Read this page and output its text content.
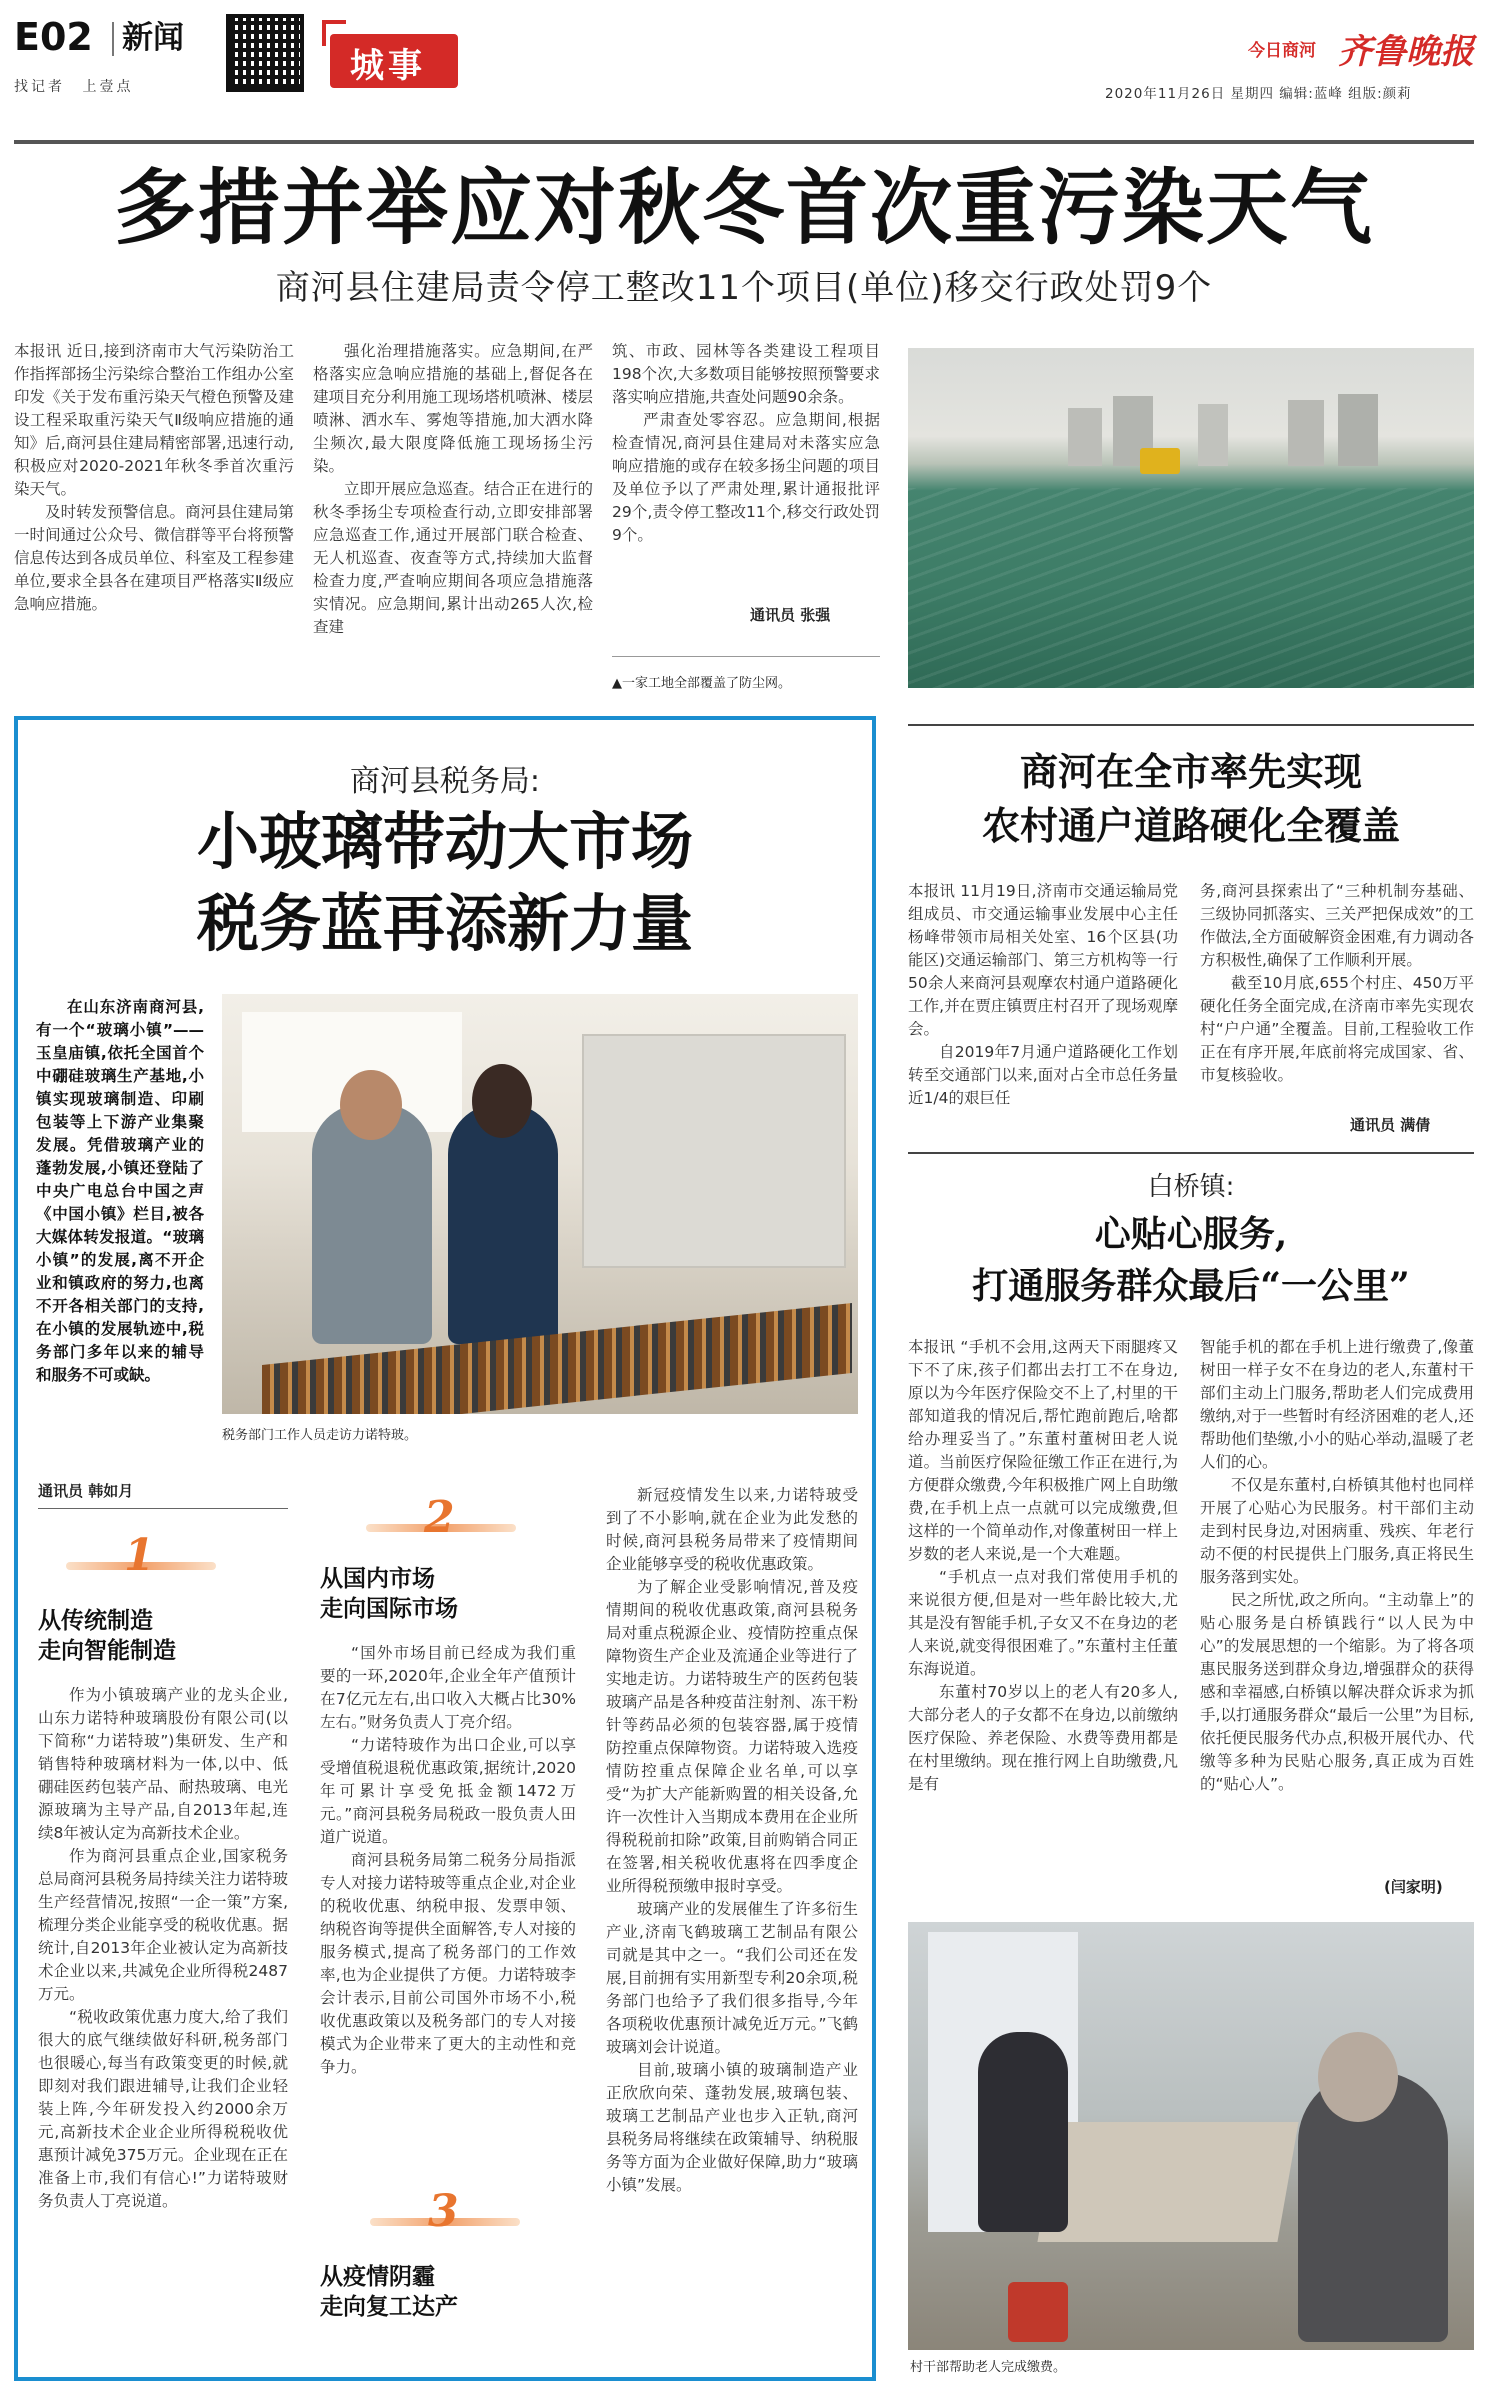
E02 新闻
找记者 上壹点
城事	今日商河 齐鲁晚报
2020年11月26日 星期四 编辑:蓝峰 组版:颜莉
多措并举应对秋冬首次重污染天气
商河县住建局责令停工整改11个项目(单位)移交行政处罚9个

本报讯 近日,接到济南市大气污染防治工作指挥部扬尘污染综合整治工作组办公室印发《关于发布重污染天气橙色预警及建设工程采取重污染天气Ⅱ级响应措施的通知》后,商河县住建局精密部署,迅速行动,积极应对2020-2021年秋冬季首次重污染天气。

及时转发预警信息。商河县住建局第一时间通过公众号、微信群等平台将预警信息传达到各成员单位、科室及工程参建单位,要求全县各在建项目严格落实Ⅱ级应急响应措施。

强化治理措施落实。应急期间,在严格落实应急响应措施的基础上,督促各在建项目充分利用施工现场塔机喷淋、楼层喷淋、洒水车、雾炮等措施,加大洒水降尘频次,最大限度降低施工现场扬尘污染。

立即开展应急巡查。结合正在进行的秋冬季扬尘专项检查行动,立即安排部署应急巡查工作,通过开展部门联合检查、无人机巡查、夜查等方式,持续加大监督检查力度,严查响应期间各项应急措施落实情况。应急期间,累计出动265人次,检查建

筑、市政、园林等各类建设工程项目198个次,大多数项目能够按照预警要求落实响应措施,共查处问题90余条。

严肃查处零容忍。应急期间,根据检查情况,商河县住建局对未落实应急响应措施的或存在较多扬尘问题的项目及单位予以了严肃处理,累计通报批评29个,责令停工整改11个,移交行政处罚9个。

通讯员 张强
▲一家工地全部覆盖了防尘网。
商河县税务局:
小玻璃带动大市场
税务蓝再添新力量

在山东济南商河县,有一个“玻璃小镇”——玉皇庙镇,依托全国首个中硼硅玻璃生产基地,小镇实现玻璃制造、印刷包装等上下游产业集聚发展。凭借玻璃产业的蓬勃发展,小镇还登陆了中央广电总台中国之声《中国小镇》栏目,被各大媒体转发报道。“玻璃小镇”的发展,离不开企业和镇政府的努力,也离不开各相关部门的支持,在小镇的发展轨迹中,税务部门多年以来的辅导和服务不可或缺。

税务部门工作人员走访力诺特玻。
通讯员 韩如月
1
从传统制造
走向智能制造

作为小镇玻璃产业的龙头企业,山东力诺特种玻璃股份有限公司(以下简称“力诺特玻”)集研发、生产和销售特种玻璃材料为一体,以中、低硼硅医药包装产品、耐热玻璃、电光源玻璃为主导产品,自2013年起,连续8年被认定为高新技术企业。

作为商河县重点企业,国家税务总局商河县税务局持续关注力诺特玻生产经营情况,按照“一企一策”方案,梳理分类企业能享受的税收优惠。据统计,自2013年企业被认定为高新技术企业以来,共减免企业所得税2487万元。

“税收政策优惠力度大,给了我们很大的底气继续做好科研,税务部门也很暖心,每当有政策变更的时候,就即刻对我们跟进辅导,让我们企业轻装上阵,今年研发投入约2000余万元,高新技术企业企业所得税税收优惠预计减免375万元。企业现在正在准备上市,我们有信心!”力诺特玻财务负责人丁亮说道。

2
从国内市场
走向国际市场

“国外市场目前已经成为我们重要的一环,2020年,企业全年产值预计在7亿元左右,出口收入大概占比30%左右。”财务负责人丁亮介绍。

“力诺特玻作为出口企业,可以享受增值税退税优惠政策,据统计,2020年可累计享受免抵金额1472万元。”商河县税务局税政一股负责人田道广说道。

商河县税务局第二税务分局指派专人对接力诺特玻等重点企业,对企业的税收优惠、纳税申报、发票申领、纳税咨询等提供全面解答,专人对接的服务模式,提高了税务部门的工作效率,也为企业提供了方便。力诺特玻李会计表示,目前公司国外市场不小,税收优惠政策以及税务部门的专人对接模式为企业带来了更大的主动性和竞争力。

3
从疫情阴霾
走向复工达产

新冠疫情发生以来,力诺特玻受到了不小影响,就在企业为此发愁的时候,商河县税务局带来了疫情期间企业能够享受的税收优惠政策。

为了解企业受影响情况,普及疫情期间的税收优惠政策,商河县税务局对重点税源企业、疫情防控重点保障物资生产企业及流通企业等进行了实地走访。力诺特玻生产的医药包装玻璃产品是各种疫苗注射剂、冻干粉针等药品必须的包装容器,属于疫情防控重点保障物资。力诺特玻入选疫情防控重点保障企业名单,可以享受“为扩大产能新购置的相关设备,允许一次性计入当期成本费用在企业所得税税前扣除”政策,目前购销合同正在签署,相关税收优惠将在四季度企业所得税预缴申报时享受。

玻璃产业的发展催生了许多衍生产业,济南飞鹤玻璃工艺制品有限公司就是其中之一。“我们公司还在发展,目前拥有实用新型专利20余项,税务部门也给予了我们很多指导,今年各项税收优惠预计减免近万元。”飞鹤玻璃刘会计说道。

目前,玻璃小镇的玻璃制造产业正欣欣向荣、蓬勃发展,玻璃包装、玻璃工艺制品产业也步入正轨,商河县税务局将继续在政策辅导、纳税服务等方面为企业做好保障,助力“玻璃小镇”发展。

商河在全市率先实现
农村通户道路硬化全覆盖

本报讯 11月19日,济南市交通运输局党组成员、市交通运输事业发展中心主任杨峰带领市局相关处室、16个区县(功能区)交通运输部门、第三方机构等一行50余人来商河县观摩农村通户道路硬化工作,并在贾庄镇贾庄村召开了现场观摩会。

自2019年7月通户道路硬化工作划转至交通部门以来,面对占全市总任务量近1/4的艰巨任

务,商河县探索出了“三种机制夯基础、三级协同抓落实、三关严把保成效”的工作做法,全方面破解资金困难,有力调动各方积极性,确保了工作顺利开展。

截至10月底,655个村庄、450万平硬化任务全面完成,在济南市率先实现农村“户户通”全覆盖。目前,工程验收工作正在有序开展,年底前将完成国家、省、市复核验收。

通讯员 满倩
白桥镇:
心贴心服务,
打通服务群众最后“一公里”

本报讯 “手机不会用,这两天下雨腿疼又下不了床,孩子们都出去打工不在身边,原以为今年医疗保险交不上了,村里的干部知道我的情况后,帮忙跑前跑后,啥都给办理妥当了。”东董村董树田老人说道。当前医疗保险征缴工作正在进行,为方便群众缴费,今年积极推广网上自助缴费,在手机上点一点就可以完成缴费,但这样的一个简单动作,对像董树田一样上岁数的老人来说,是一个大难题。

“手机点一点对我们常使用手机的来说很方便,但是对一些年龄比较大,尤其是没有智能手机,子女又不在身边的老人来说,就变得很困难了。”东董村主任董东海说道。

东董村70岁以上的老人有20多人,大部分老人的子女都不在身边,以前缴纳医疗保险、养老保险、水费等费用都是在村里缴纳。现在推行网上自助缴费,凡是有

智能手机的都在手机上进行缴费了,像董树田一样子女不在身边的老人,东董村干部们主动上门服务,帮助老人们完成费用缴纳,对于一些暂时有经济困难的老人,还帮助他们垫缴,小小的贴心举动,温暖了老人们的心。

不仅是东董村,白桥镇其他村也同样开展了心贴心为民服务。村干部们主动走到村民身边,对困病重、残疾、年老行动不便的村民提供上门服务,真正将民生服务落到实处。

民之所忧,政之所向。“主动靠上”的贴心服务是白桥镇践行“以人民为中心”的发展思想的一个缩影。为了将各项惠民服务送到群众身边,增强群众的获得感和幸福感,白桥镇以解决群众诉求为抓手,以打通服务群众“最后一公里”为目标,依托便民服务代办点,积极开展代办、代缴等多种为民贴心服务,真正成为百姓的“贴心人”。

(闫家明)
村干部帮助老人完成缴费。
